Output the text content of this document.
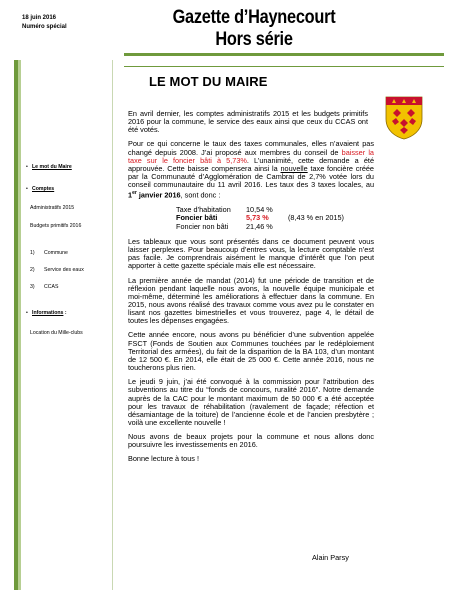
18 juin 2016
Numéro spécial	Gazette d’Haynecourt
Hors série
• Le mot du Maire
• Comptes
Administratifs 2015
Budgets primitifs 2016
1) Commune
2) Service des eaux
3) CCAS
• Informations :
Location du Mille-clubs
LE MOT DU MAIRE

En avril dernier, les comptes administratifs 2015 et les budgets primitifs 2016 pour la commune, le service des eaux ainsi que ceux du CCAS ont été votés.

Pour ce qui concerne le taux des taxes communales, elles n’avaient pas changé depuis 2008. J’ai proposé aux membres du conseil de baisser la taxe sur le foncier bâti à 5,73%. L’unanimité, cette demande a été approuvée. Cette baisse compensera ainsi la nouvelle taxe foncière créée par la Communauté d’Agglomération de Cambrai de 2,7% votée lors du conseil communautaire du 11 avril 2016. Les taux des 3 taxes locales, au 1er janvier 2016, sont donc :

Taxe d’habitation	10,54 %
Foncier bâti	5,73 %	(8,43 % en 2015)
Foncier non bâti	21,46 %

Les tableaux que vous sont présentés dans ce document peuvent vous laisser perplexes. Pour beaucoup d’entres vous, la lecture comptable n’est pas facile. Je comprendrais aisément le manque d’intérêt que l’on peut apporter à cette gazette spéciale mais elle est nécessaire.

La première année de mandat (2014) fut une période de transition et de réflexion pendant laquelle nous avons, la nouvelle équipe municipale et moi-même, déterminé les améliorations à effectuer dans la commune. En 2015, nous avons réalisé des travaux comme vous avez pu le constater en lisant nos gazettes bimestrielles et vous trouverez, page 4, le détail de toutes les dépenses engagées.

Cette année encore, nous avons pu bénéficier d’une subvention appelée FSCT (Fonds de Soutien aux Communes touchées par le redéploiement Territorial des armées), du fait de la disparition de la BA 103, d’un montant de 12 500 €. En 2014, elle était de 25 000 €. Cette année 2016, nous ne toucherons plus rien.

Le jeudi 9 juin, j’ai été convoqué à la commission pour l’attribution des subventions au titre du “fonds de concours, ruralité 2016”. Notre demande auprès de la CAC pour le montant maximum de 50 000 € a été acceptée pour les travaux de réhabilitation (ravalement de façade; réfection et désamiantage de la toiture) de l’ancienne école et de l’ancien presbytère ; voilà une excellente nouvelle !

Nous avons de beaux projets pour la commune et nous allons donc poursuivre les investissements en 2016.

Bonne lecture à tous !

Alain Parsy
